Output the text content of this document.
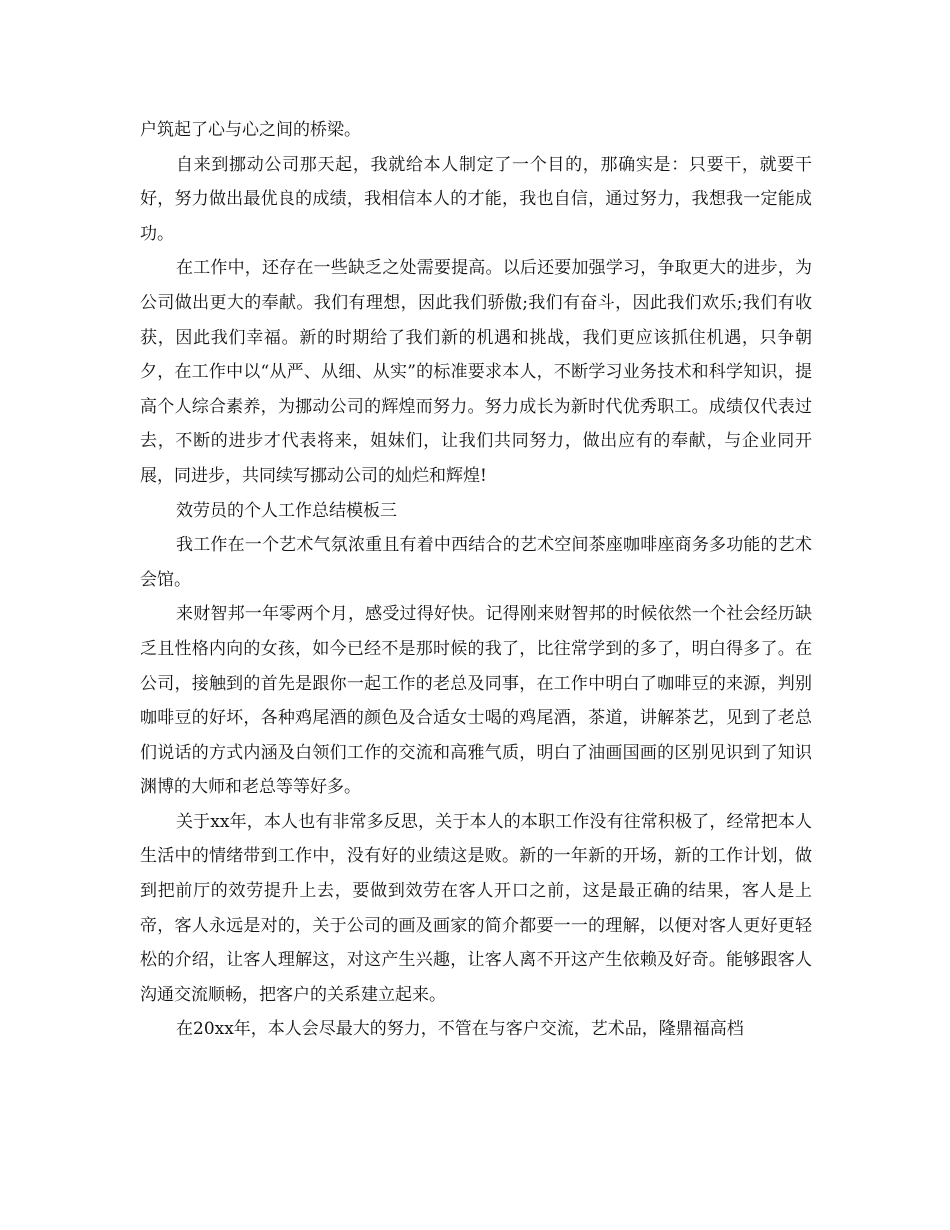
户筑起了心与心之间的桥梁。

自来到挪动公司那天起，我就给本人制定了一个目的，那确实是：只要干，就要干好，努力做出最优良的成绩，我相信本人的才能，我也自信，通过努力，我想我一定能成功。

在工作中，还存在一些缺乏之处需要提高。以后还要加强学习，争取更大的进步，为公司做出更大的奉献。我们有理想，因此我们骄傲;我们有奋斗，因此我们欢乐;我们有收获，因此我们幸福。新的时期给了我们新的机遇和挑战，我们更应该抓住机遇，只争朝夕，在工作中以“从严、从细、从实”的标准要求本人，不断学习业务技术和科学知识，提高个人综合素养，为挪动公司的辉煌而努力。努力成长为新时代优秀职工。成绩仅代表过去，不断的进步才代表将来，姐妹们，让我们共同努力，做出应有的奉献，与企业同开展，同进步，共同续写挪动公司的灿烂和辉煌!

效劳员的个人工作总结模板三

我工作在一个艺术气氛浓重且有着中西结合的艺术空间茶座咖啡座商务多功能的艺术会馆。

来财智邦一年零两个月，感受过得好快。记得刚来财智邦的时候依然一个社会经历缺乏且性格内向的女孩，如今已经不是那时候的我了，比往常学到的多了，明白得多了。在公司，接触到的首先是跟你一起工作的老总及同事，在工作中明白了咖啡豆的来源，判别咖啡豆的好坏，各种鸡尾酒的颜色及合适女士喝的鸡尾酒，茶道，讲解茶艺，见到了老总们说话的方式内涵及白领们工作的交流和高雅气质，明白了油画国画的区别见识到了知识渊博的大师和老总等等好多。

关于xx年，本人也有非常多反思，关于本人的本职工作没有往常积极了，经常把本人生活中的情绪带到工作中，没有好的业绩这是败。新的一年新的开场，新的工作计划，做到把前厅的效劳提升上去，要做到效劳在客人开口之前，这是最正确的结果，客人是上帝，客人永远是对的，关于公司的画及画家的简介都要一一的理解，以便对客人更好更轻松的介绍，让客人理解这，对这产生兴趣，让客人离不开这产生依赖及好奇。能够跟客人沟通交流顺畅，把客户的关系建立起来。

在20xx年，本人会尽最大的努力，不管在与客户交流，艺术品，隆鼎福高档
